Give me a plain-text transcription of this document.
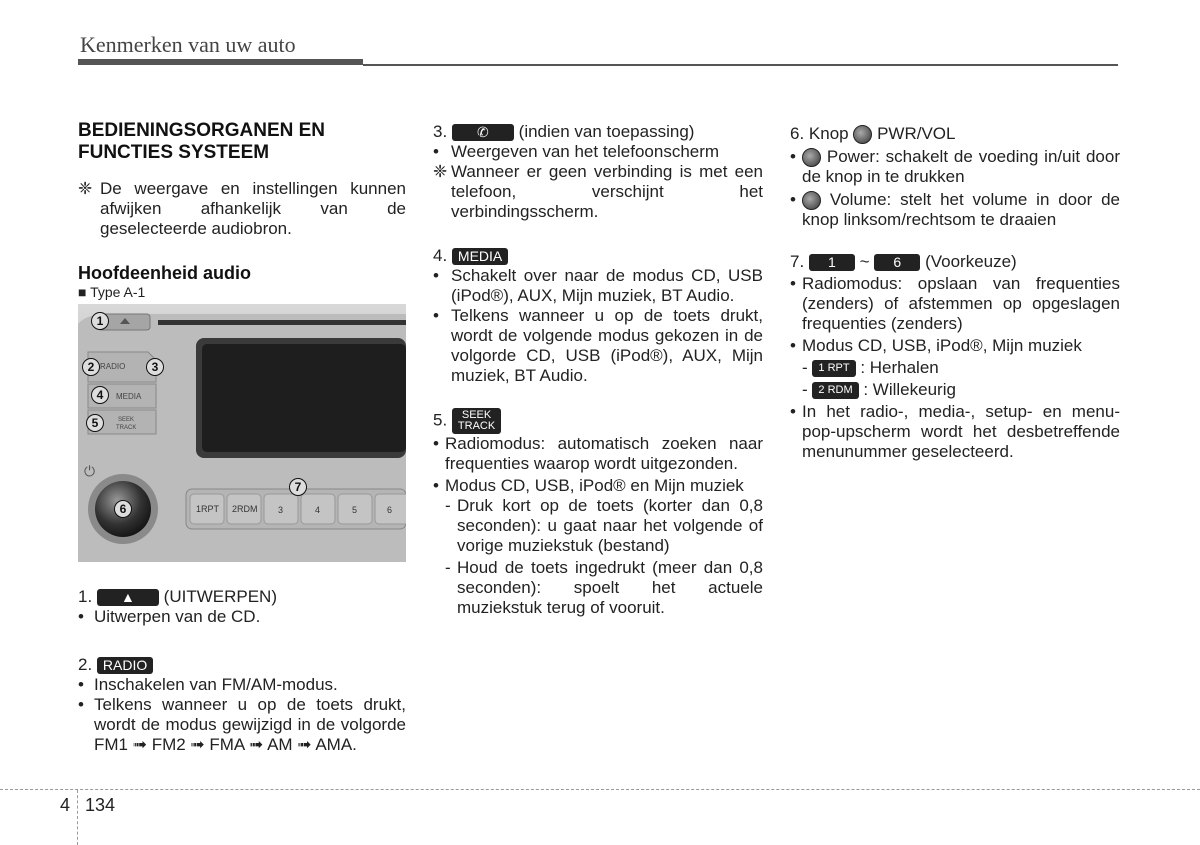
Kenmerken van uw auto
BEDIENINGSORGANEN EN
FUNCTIES SYSTEEM
❈ De weergave en instellingen kunnen afwijken afhankelijk van de geselecteerde audiobron.
Hoofdeenheid audio
■ Type A-1
RADIO
MEDIA
SEEK
TRACK
⏻
1RPT 2RDM 3	4	5	6
1
2	3
4
5
6
7
1. ▲ (UITWERPEN)
• Uitwerpen van de CD.
2. RADIO
• Inschakelen van FM/AM-modus.
• Telkens wanneer u op de toets drukt, wordt de modus gewijzigd in de volgorde FM1 ➟ FM2 ➟ FMA ➟ AM ➟ AMA.
3. ✆ (indien van toepassing)
• Weergeven van het telefoonscherm
❈ Wanneer er geen verbinding is met een telefoon, verschijnt het verbindingsscherm.
4. MEDIA
• Schakelt over naar de modus CD, USB (iPod®), AUX, Mijn muziek, BT Audio.
• Telkens wanneer u op de toets drukt, wordt de volgende modus gekozen in de volgorde CD, USB (iPod®), AUX, Mijn muziek, BT Audio.
5.	SEEK
TRACK
• Radiomodus: automatisch zoeken naar frequenties waarop wordt uitgezonden.
• Modus CD, USB, iPod® en Mijn muziek
- Druk kort op de toets (korter dan 0,8 seconden): u gaat naar het volgende of vorige muziekstuk (bestand)
- Houd de toets ingedrukt (meer dan 0,8 seconden): spoelt het actuele muziekstuk terug of vooruit.
6. Knop PWR/VOL
•	Power: schakelt de voeding in/uit door de knop in te drukken
•	Volume: stelt het volume in door de knop linksom/rechtsom te draaien
7. 1 ~ 6 (Voorkeuze)
• Radiomodus: opslaan van frequenties (zenders) of afstemmen op opgeslagen frequenties (zenders)
• Modus CD, USB, iPod®, Mijn muziek
- 1 RPT : Herhalen
- 2 RDM : Willekeurig
• In het radio-, media-, setup- en menu-pop-upscherm wordt het desbetreffende menunummer geselecteerd.
4 134
